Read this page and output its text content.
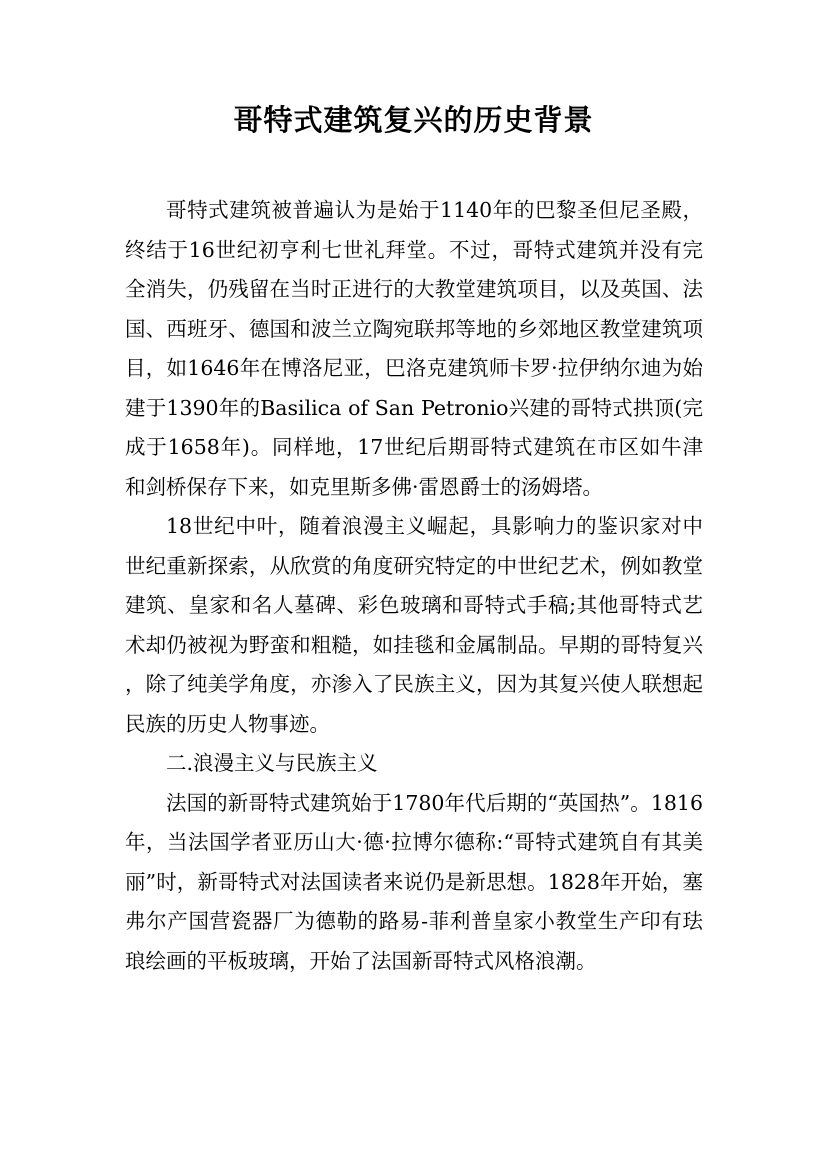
哥特式建筑复兴的历史背景

哥特式建筑被普遍认为是始于1140年的巴黎圣但尼圣殿，终结于16世纪初亨利七世礼拜堂。不过，哥特式建筑并没有完全消失，仍残留在当时正进行的大教堂建筑项目，以及英国、法国、西班牙、德国和波兰立陶宛联邦等地的乡郊地区教堂建筑项目，如1646年在博洛尼亚，巴洛克建筑师卡罗·拉伊纳尔迪为始建于1390年的Basilica of San Petronio兴建的哥特式拱顶(完成于1658年)。同样地，17世纪后期哥特式建筑在市区如牛津和剑桥保存下来，如克里斯多佛·雷恩爵士的汤姆塔。

18世纪中叶，随着浪漫主义崛起，具影响力的鉴识家对中世纪重新探索，从欣赏的角度研究特定的中世纪艺术，例如教堂建筑、皇家和名人墓碑、彩色玻璃和哥特式手稿;其他哥特式艺术却仍被视为野蛮和粗糙，如挂毯和金属制品。早期的哥特复兴，除了纯美学角度，亦渗入了民族主义，因为其复兴使人联想起民族的历史人物事迹。

二.浪漫主义与民族主义

法国的新哥特式建筑始于1780年代后期的“英国热”。1816年，当法国学者亚历山大·德·拉博尔德称:“哥特式建筑自有其美丽”时，新哥特式对法国读者来说仍是新思想。1828年开始，塞弗尔产国营瓷器厂为德勒的路易-菲利普皇家小教堂生产印有珐琅绘画的平板玻璃，开始了法国新哥特式风格浪潮。
